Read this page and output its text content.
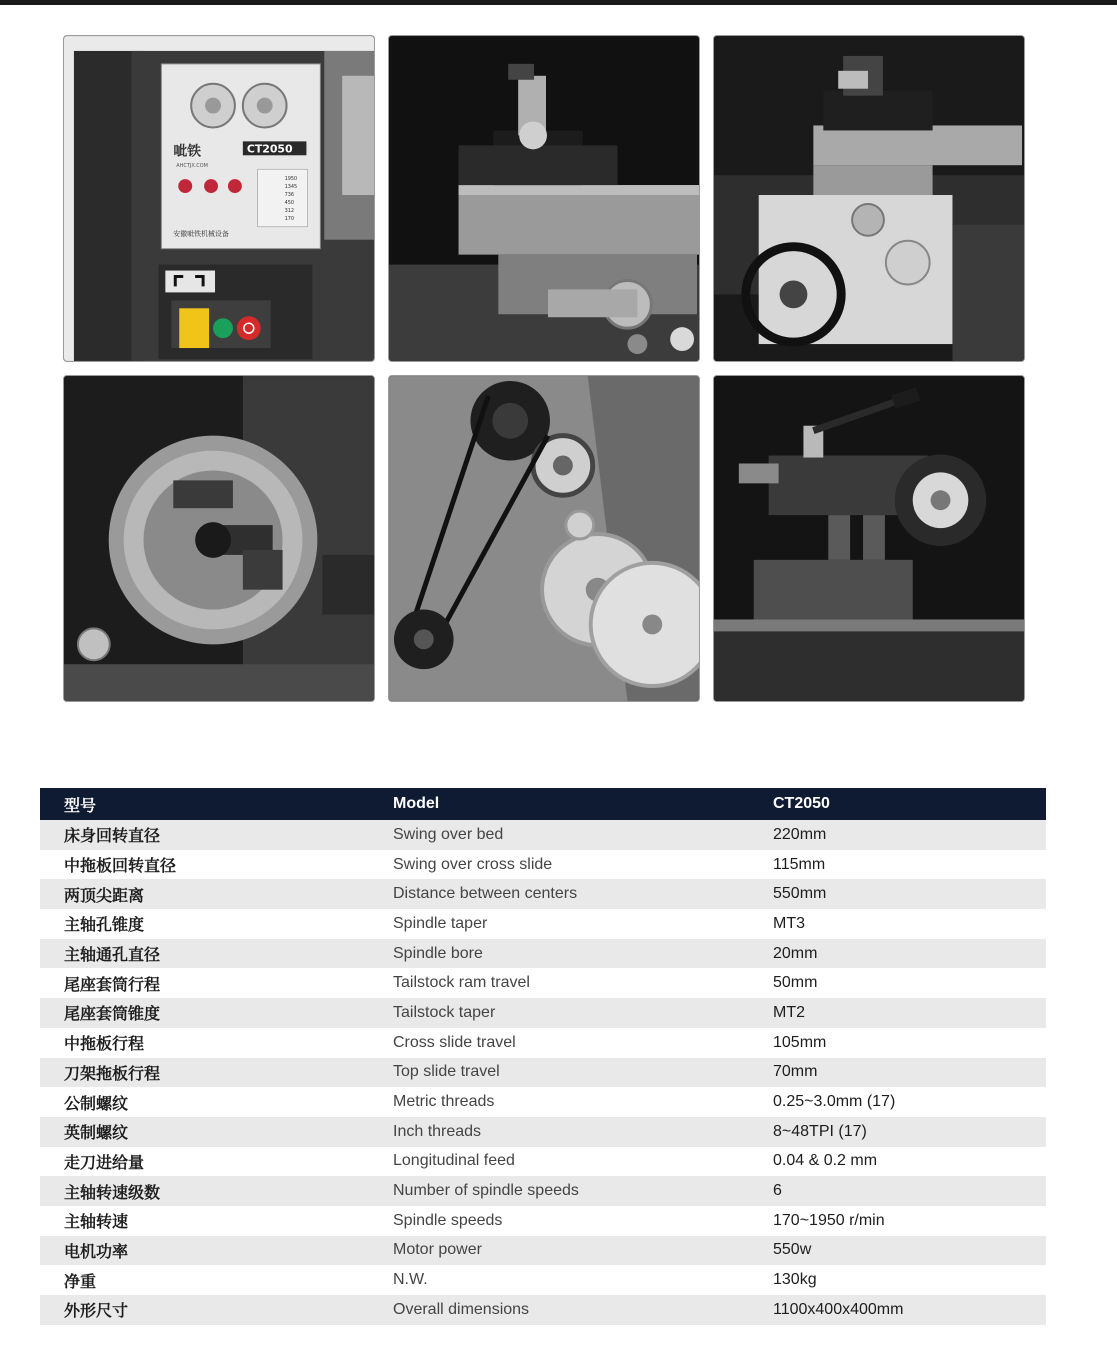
呲铁
AHCTJX.COM
CT2050
1950
1345
736
450
312
170
安徽呲铁机械设备
型号	Model	CT2050
床身回转直径	Swing over bed	220mm
中拖板回转直径	Swing over cross slide	115mm
两顶尖距离	Distance between centers	550mm
主轴孔锥度	Spindle taper	MT3
主轴通孔直径	Spindle bore	20mm
尾座套筒行程	Tailstock ram travel	50mm
尾座套筒锥度	Tailstock taper	MT2
中拖板行程	Cross slide travel	105mm
刀架拖板行程	Top slide travel	70mm
公制螺纹	Metric threads	0.25~3.0mm (17)
英制螺纹	Inch threads	8~48TPI (17)
走刀进给量	Longitudinal feed	0.04 & 0.2 mm
主轴转速级数	Number of spindle speeds	6
主轴转速	Spindle speeds	170~1950 r/min
电机功率	Motor power	550w
净重	N.W.	130kg
外形尺寸	Overall dimensions	1100x400x400mm
